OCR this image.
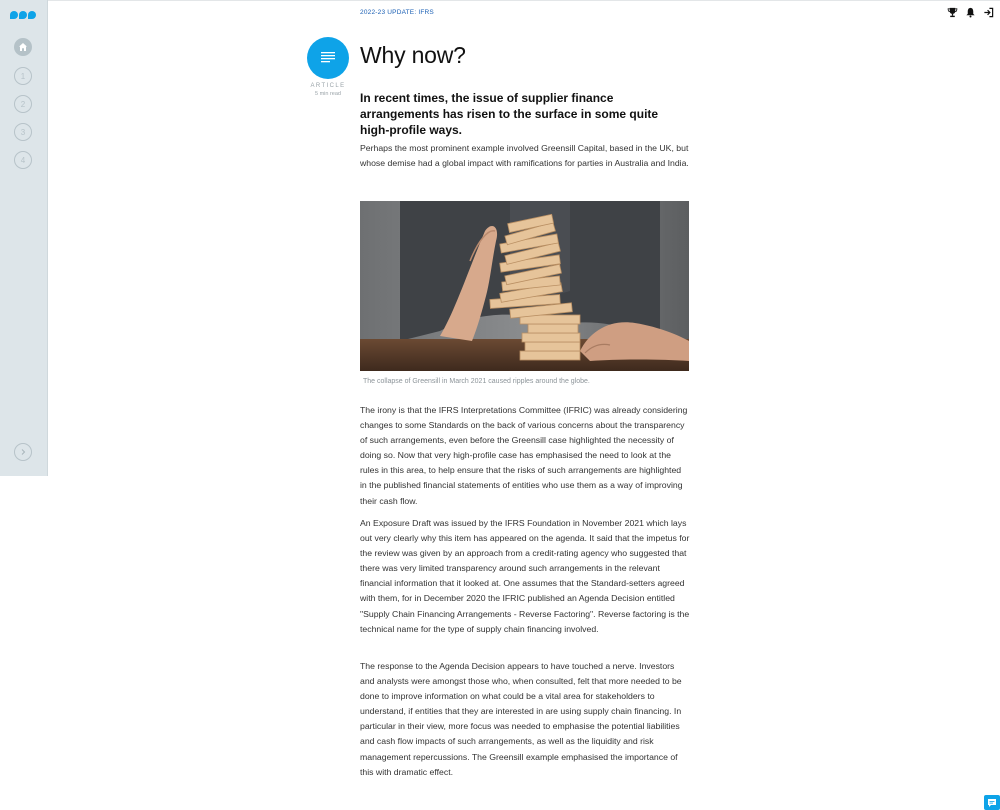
1
2
3
4
2022-23 UPDATE: IFRS
ARTICLE
5 min read
Why now?

In recent times, the issue of supplier finance arrangements has risen to the surface in some quite high-profile ways.

Perhaps the most prominent example involved Greensill Capital, based in the UK, but whose demise had a global impact with ramifications for parties in Australia and India.

The collapse of Greensill in March 2021 caused ripples around the globe.

The irony is that the IFRS Interpretations Committee (IFRIC) was already considering changes to some Standards on the back of various concerns about the transparency of such arrangements, even before the Greensill case highlighted the necessity of doing so. Now that very high-profile case has emphasised the need to look at the rules in this area, to help ensure that the risks of such arrangements are highlighted in the published financial statements of entities who use them as a way of improving their cash flow.

An Exposure Draft was issued by the IFRS Foundation in November 2021 which lays out very clearly why this item has appeared on the agenda. It said that the impetus for the review was given by an approach from a credit-rating agency who suggested that there was very limited transparency around such arrangements in the relevant financial information that it looked at. One assumes that the Standard-setters agreed with them, for in December 2020 the IFRIC published an Agenda Decision entitled "Supply Chain Financing Arrangements - Reverse Factoring". Reverse factoring is the technical name for the type of supply chain financing involved.

The response to the Agenda Decision appears to have touched a nerve. Investors and analysts were amongst those who, when consulted, felt that more needed to be done to improve information on what could be a vital area for stakeholders to understand, if entities that they are interested in are using supply chain financing. In particular in their view, more focus was needed to emphasise the potential liabilities and cash flow impacts of such arrangements, as well as the liquidity and risk management repercussions. The Greensill example emphasised the importance of this with dramatic effect.
